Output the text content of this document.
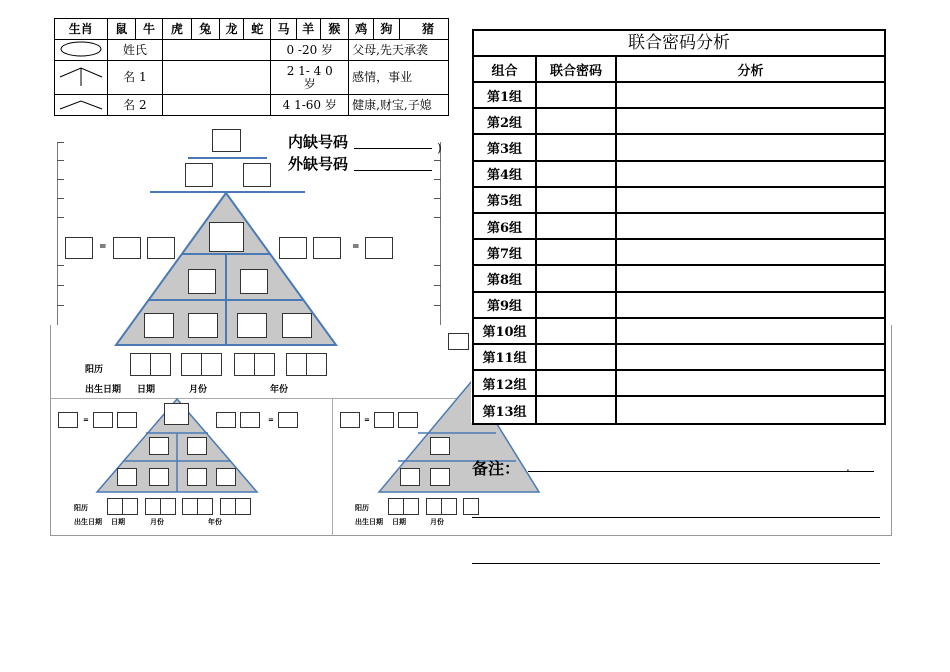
生肖	鼠	牛	虎	兔	龙	蛇	马	羊	猴	鸡	狗	猪
	姓氏						0 -20 岁			父母,先天承袭		
	名 1						2 1- 4 0 岁			感情，事业		
	名 2						4 1-60 岁			健康,财宝,子媳		
)
内缺号码
外缺号码
=	=
阳历
出生日期 日期	月份	年份
=	=
阳历
出生日期 日期	月份	年份
=
阳历
出生日期 日期	月份
联合密码分析
组合	联合密码	分析
第1组
第2组
第3组
第4组
第5组
第6组
第7组
第8组
第9组
第10组
第11组
第12组
第13组
备注：	.
